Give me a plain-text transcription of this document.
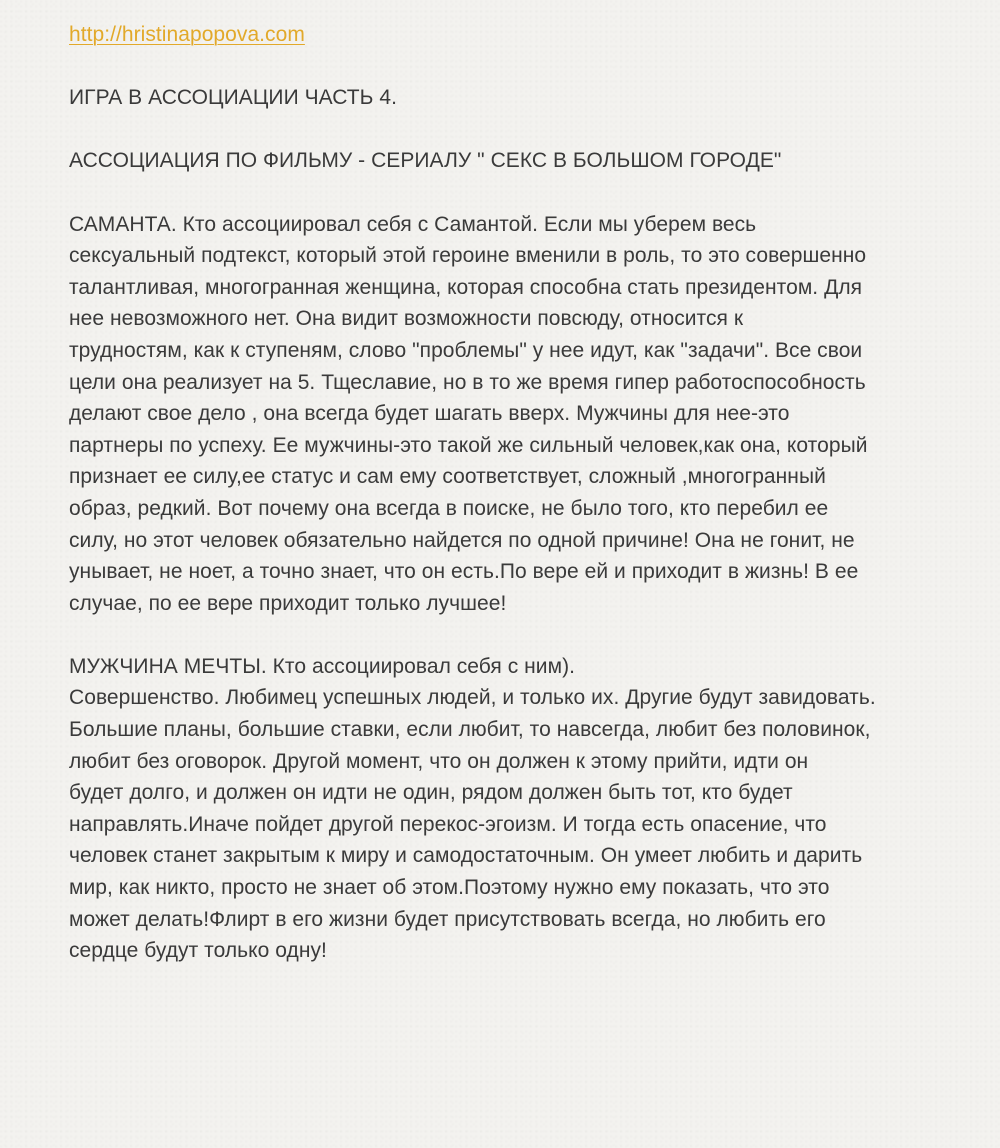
http://hristinapopova.com
ИГРА В АССОЦИАЦИИ ЧАСТЬ 4.
АССОЦИАЦИЯ ПО ФИЛЬМУ - СЕРИАЛУ " СЕКС В БОЛЬШОМ ГОРОДЕ"
САМАНТА. Кто ассоциировал себя с Самантой. Если мы уберем весь
сексуальный подтекст, который этой героине вменили в роль, то это совершенно
талантливая, многогранная женщина, которая способна стать президентом. Для
нее невозможного нет. Она видит возможности повсюду, относится к
трудностям, как к ступеням, слово "проблемы" у нее идут, как "задачи". Все свои
цели она реализует на 5. Тщеславие, но в то же время гипер работоспособность
делают свое дело , она всегда будет шагать вверх. Мужчины для нее-это
партнеры по успеху. Ее мужчины-это такой же сильный человек,как она, который
признает ее силу,ее статус и сам ему соответствует, сложный ,многогранный
образ, редкий. Вот почему она всегда в поиске, не было того, кто перебил ее
силу, но этот человек обязательно найдется по одной причине! Она не гонит, не
унывает, не ноет, а точно знает, что он есть.По вере ей и приходит в жизнь! В ее
случае, по ее вере приходит только лучшее!
МУЖЧИНА МЕЧТЫ. Кто ассоциировал себя с ним).
Совершенство. Любимец успешных людей, и только их. Другие будут завидовать.
Большие планы, большие ставки, если любит, то навсегда, любит без половинок,
любит без оговорок. Другой момент, что он должен к этому прийти, идти он
будет долго, и должен он идти не один, рядом должен быть тот, кто будет
направлять.Иначе пойдет другой перекос-эгоизм. И тогда есть опасение, что
человек станет закрытым к миру и самодостаточным. Он умеет любить и дарить
мир, как никто, просто не знает об этом.Поэтому нужно ему показать, что это
может делать!Флирт в его жизни будет присутствовать всегда, но любить его
сердце будут только одну!
